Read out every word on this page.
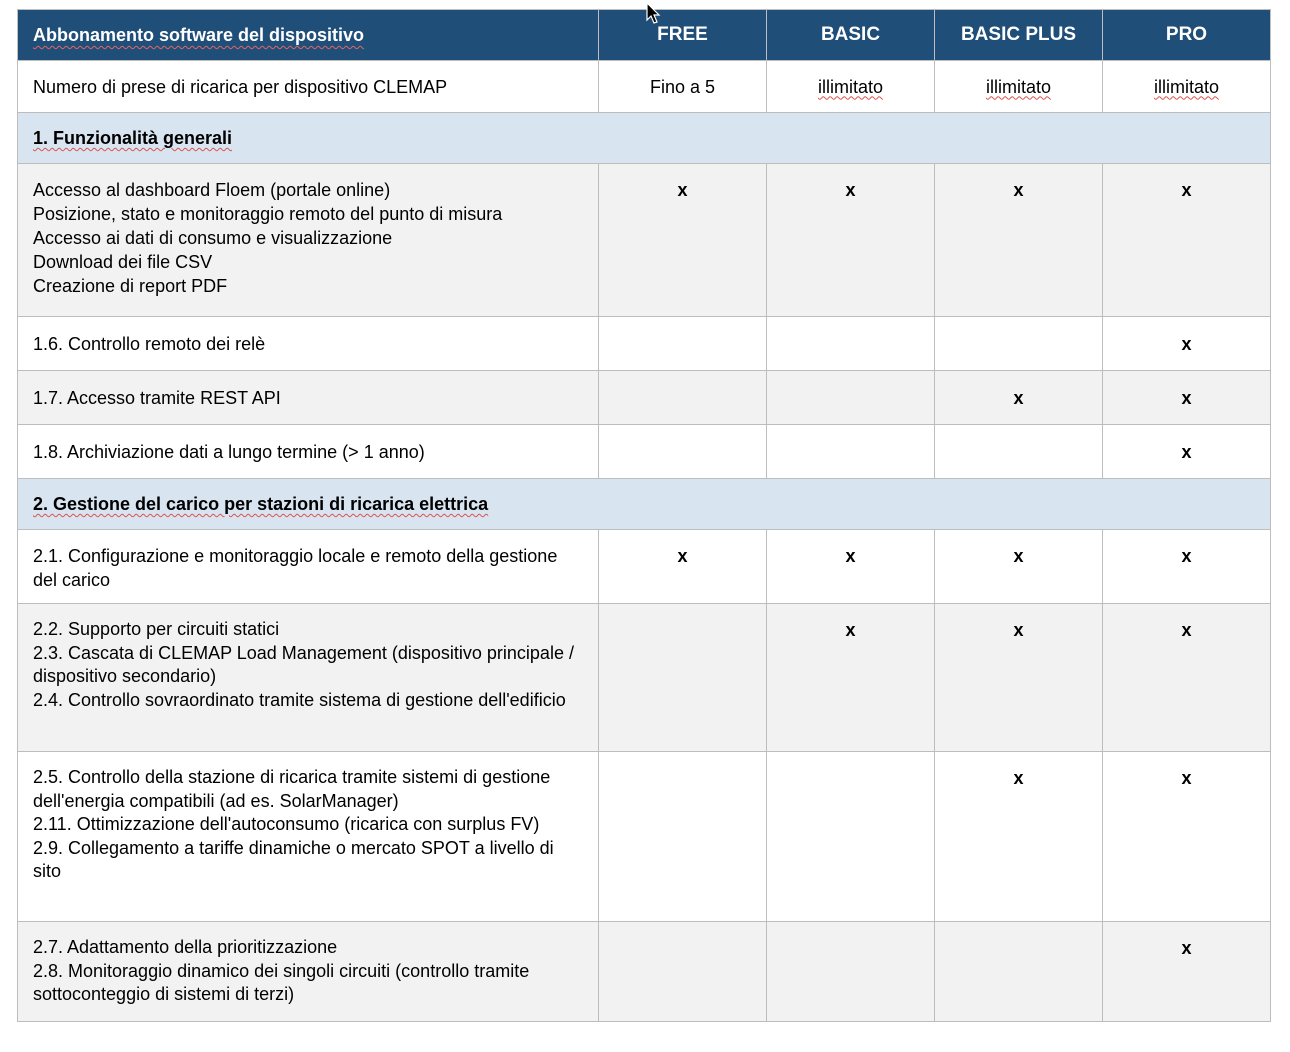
Abbonamento software del dispositivo	FREE	BASIC	BASIC PLUS	PRO
Numero di prese di ricarica per dispositivo CLEMAP	Fino a 5	illimitato	illimitato	illimitato
1. Funzionalità generali				

Accesso al dashboard Floem (portale online)
Posizione, stato e monitoraggio remoto del punto di misura
Accesso ai dati di consumo e visualizzazione
Download dei file CSV
Creazione di report PDF	x	x	x	x
1.6. Controllo remoto dei relè				x
1.7. Accesso tramite REST API			x	x
1.8. Archiviazione dati a lungo termine (> 1 anno)				x
2. Gestione del carico per stazioni di ricarica elettrica				
2.1. Configurazione e monitoraggio locale e remoto della gestione del carico	x	x	x	x

2.2. Supporto per circuiti statici
2.3. Cascata di CLEMAP Load Management (dispositivo principale / dispositivo secondario)
2.4. Controllo sovraordinato tramite sistema di gestione dell'edificio		x	x	x

2.5. Controllo della stazione di ricarica tramite sistemi di gestione dell'energia compatibili (ad es. SolarManager)
2.11. Ottimizzazione dell'autoconsumo (ricarica con surplus FV)
2.9. Collegamento a tariffe dinamiche o mercato SPOT a livello di sito			x	x

2.7. Adattamento della prioritizzazione
2.8. Monitoraggio dinamico dei singoli circuiti (controllo tramite sottoconteggio di sistemi di terzi)				x
